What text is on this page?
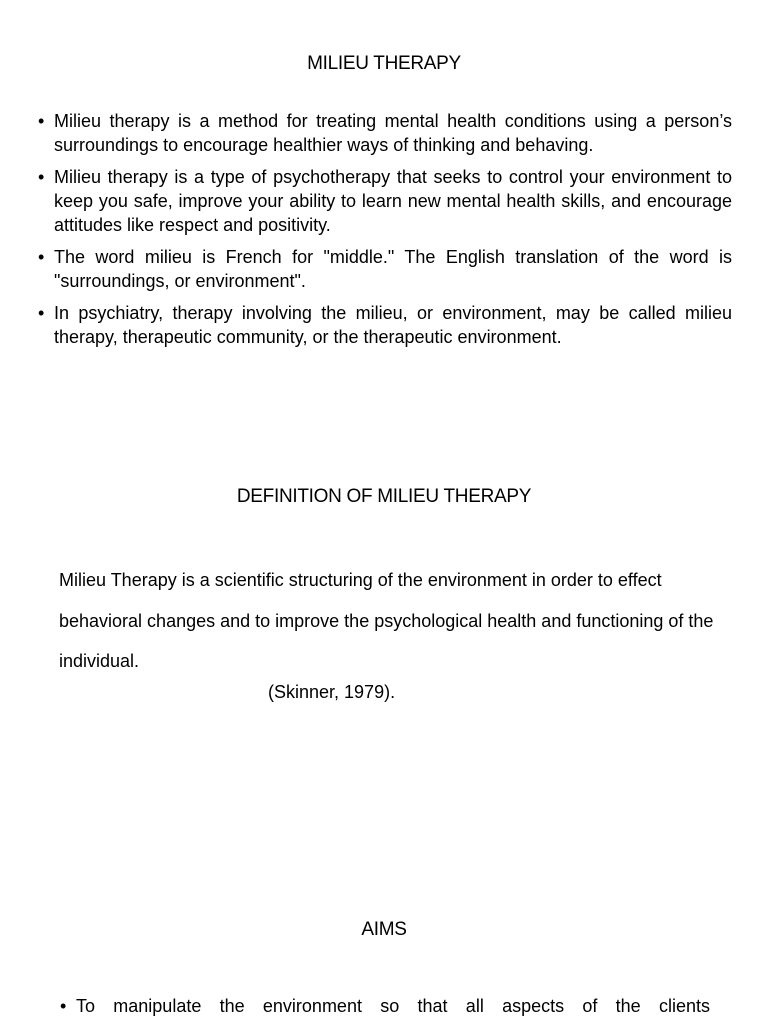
MILIEU THERAPY
• Milieu therapy is a method for treating mental health conditions using a person’s surroundings to encourage healthier ways of thinking and behaving.
• Milieu therapy is a type of psychotherapy that seeks to control your environment to keep you safe, improve your ability to learn new mental health skills, and encourage attitudes like respect and positivity.
• The word milieu is French for "middle." The English translation of the word is "surroundings, or environment".
• In psychiatry, therapy involving the milieu, or environment, may be called milieu therapy, therapeutic community, or the therapeutic environment.
DEFINITION OF MILIEU THERAPY
Milieu Therapy is a scientific structuring of the environment in order to effect behavioral changes and to improve the psychological health and functioning of the individual.
(Skinner, 1979).
AIMS
• To manipulate the environment so that all aspects of the clients
